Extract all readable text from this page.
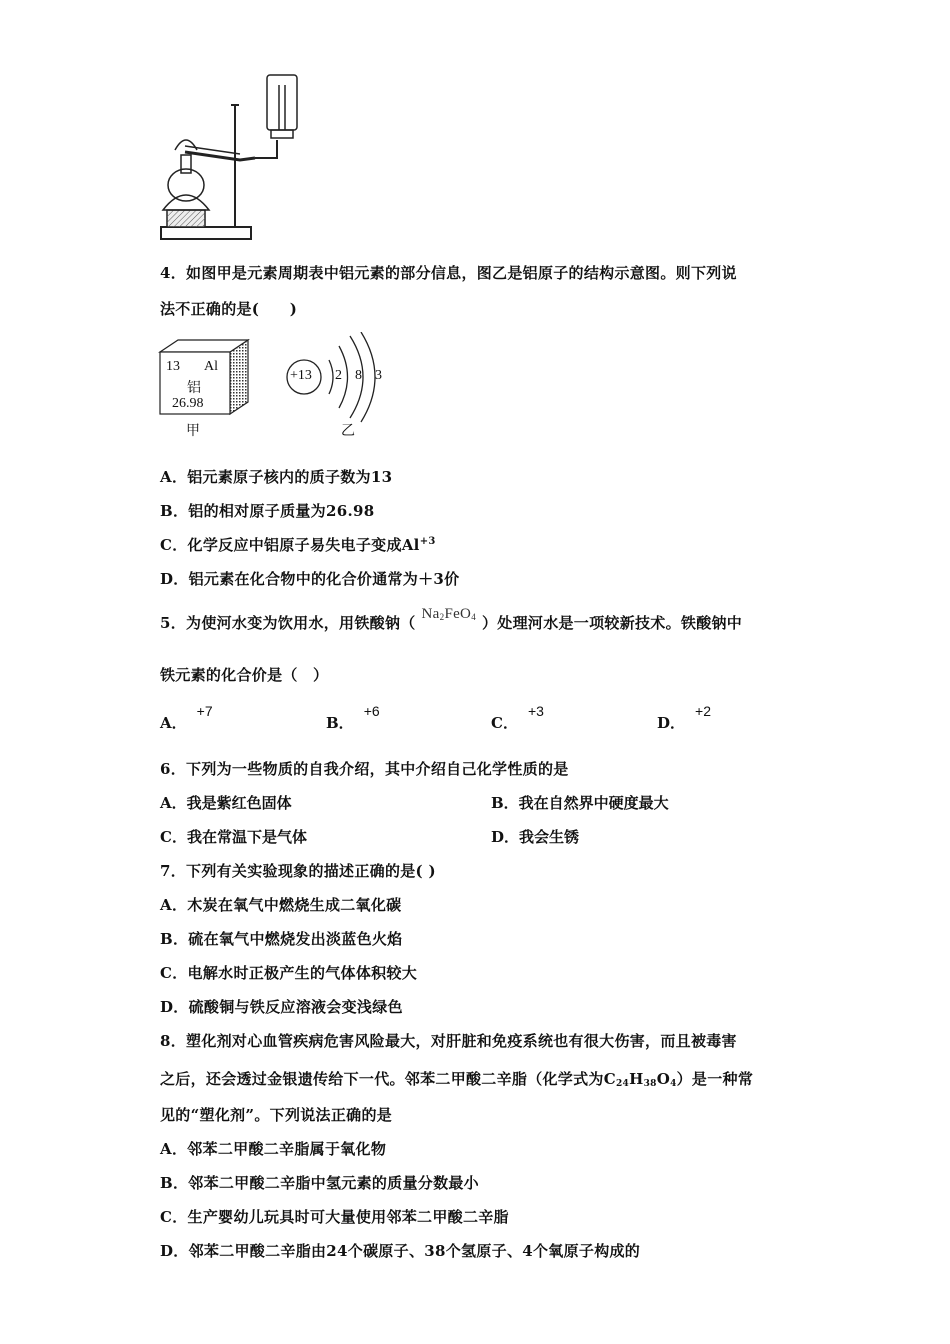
4．如图甲是元素周期表中铝元素的部分信息，图乙是铝原子的结构示意图。则下列说
法不正确的是(　　)
13 Al
铝
26.98
甲
+13 2 8 3
乙
A．铝元素原子核内的质子数为13
B．铝的相对原子质量为26.98
C．化学反应中铝原子易失电子变成$Al^{+3}$
D．铝元素在化合物中的化合价通常为＋3价
5．为使河水变为饮用水，用铁酸钠（ $Na_2FeO_4$ ）处理河水是一项较新技术。铁酸钠中
铁元素的化合价是（　）
A．+7
B．+6
C．+3
D．+2
6．下列为一些物质的自我介绍，其中介绍自己化学性质的是
A．我是紫红色固体	B．我在自然界中硬度最大
C．我在常温下是气体	D．我会生锈
7．下列有关实验现象的描述正确的是( )
A．木炭在氧气中燃烧生成二氧化碳
B．硫在氧气中燃烧发出淡蓝色火焰
C．电解水时正极产生的气体体积较大
D．硫酸铜与铁反应溶液会变浅绿色
8．塑化剂对心血管疾病危害风险最大，对肝脏和免疫系统也有很大伤害，而且被毒害
之后，还会透过金银遗传给下一代。邻苯二甲酸二辛脂（化学式为$C_{24}H_{38}O_4$）是一种常
见的“塑化剂”。下列说法正确的是
A．邻苯二甲酸二辛脂属于氧化物
B．邻苯二甲酸二辛脂中氢元素的质量分数最小
C．生产婴幼儿玩具时可大量使用邻苯二甲酸二辛脂
D．邻苯二甲酸二辛脂由24个碳原子、38个氢原子、4个氧原子构成的
